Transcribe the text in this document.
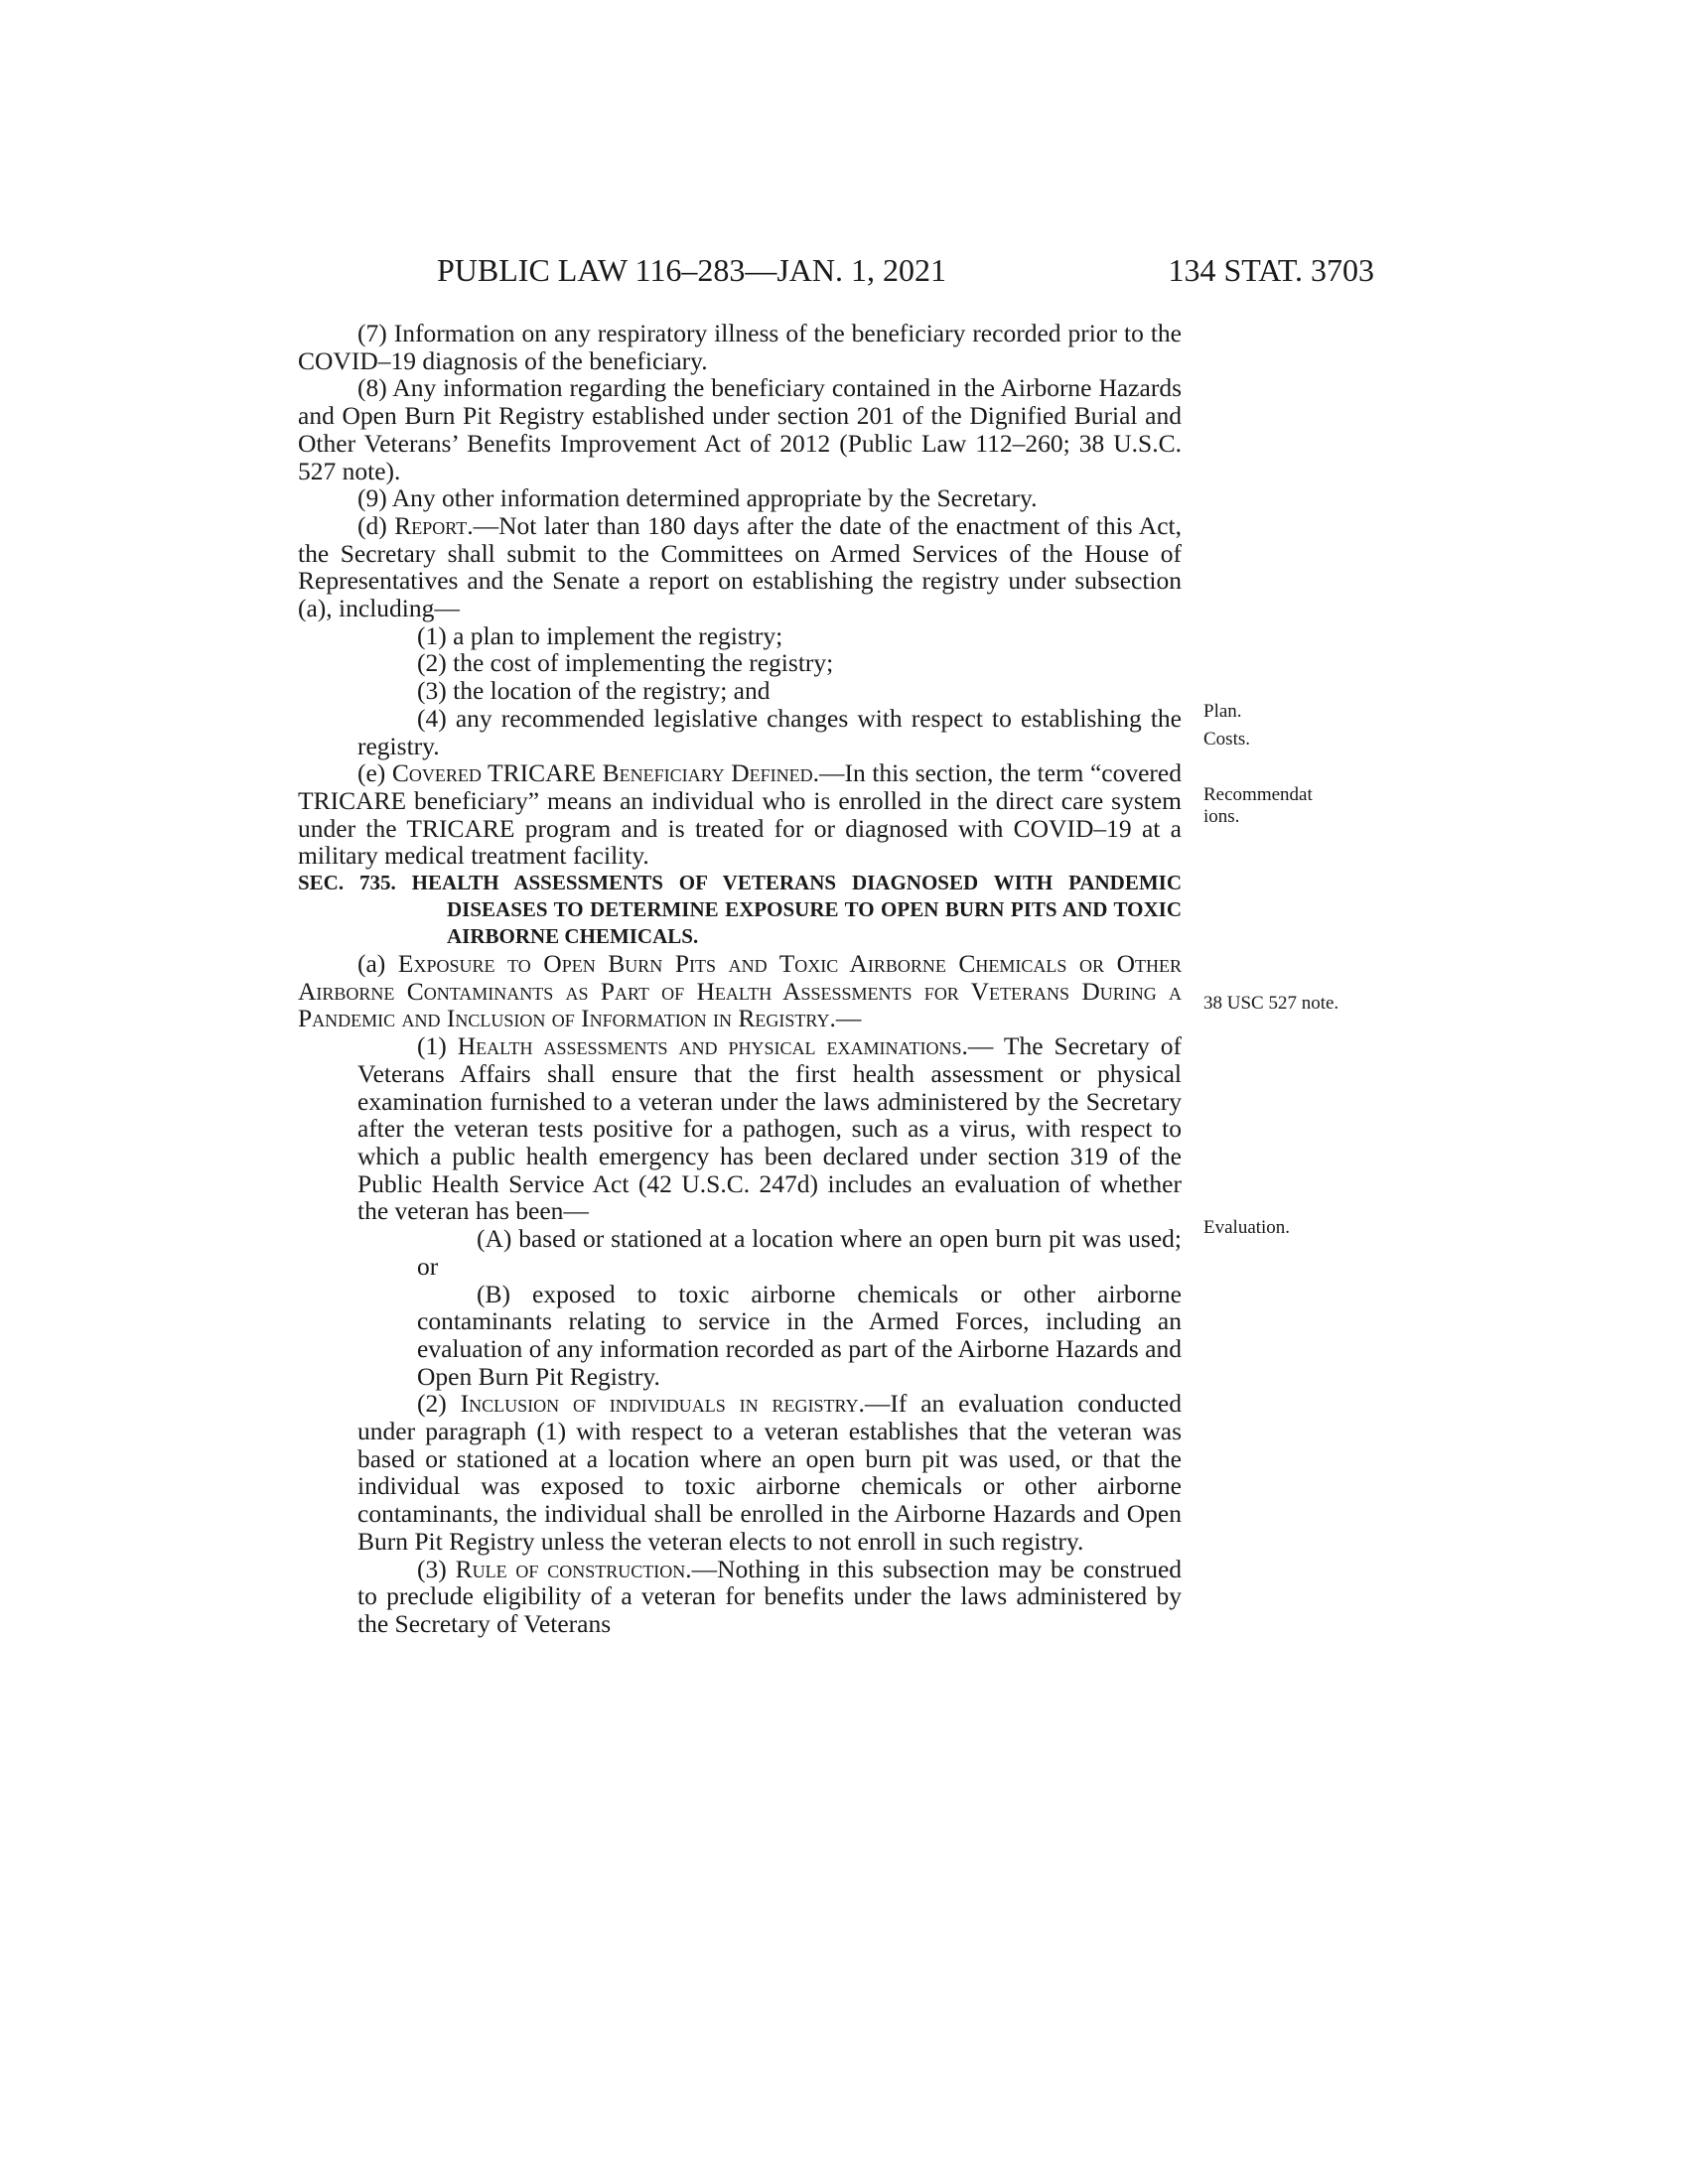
PUBLIC LAW 116–283—JAN. 1, 2021	134 STAT. 3703

(7) Information on any respiratory illness of the beneficiary recorded prior to the COVID–19 diagnosis of the beneficiary.

(8) Any information regarding the beneficiary contained in the Airborne Hazards and Open Burn Pit Registry established under section 201 of the Dignified Burial and Other Veterans’ Benefits Improvement Act of 2012 (Public Law 112–260; 38 U.S.C. 527 note).

(9) Any other information determined appropriate by the Secretary.

(d) Report.—Not later than 180 days after the date of the enactment of this Act, the Secretary shall submit to the Committees on Armed Services of the House of Representatives and the Senate a report on establishing the registry under subsection (a), including—

(1) a plan to implement the registry;

(2) the cost of implementing the registry;

(3) the location of the registry; and

(4) any recommended legislative changes with respect to establishing the registry.

(e) Covered TRICARE Beneficiary Defined.—In this section, the term “covered TRICARE beneficiary” means an individual who is enrolled in the direct care system under the TRICARE program and is treated for or diagnosed with COVID–19 at a military medical treatment facility.

SEC. 735. HEALTH ASSESSMENTS OF VETERANS DIAGNOSED WITH PANDEMIC DISEASES TO DETERMINE EXPOSURE TO OPEN BURN PITS AND TOXIC AIRBORNE CHEMICALS.

(a) Exposure to Open Burn Pits and Toxic Airborne Chemicals or Other Airborne Contaminants as Part of Health Assessments for Veterans During a Pandemic and Inclusion of Information in Registry.—

(1) Health assessments and physical examinations.— The Secretary of Veterans Affairs shall ensure that the first health assessment or physical examination furnished to a veteran under the laws administered by the Secretary after the veteran tests positive for a pathogen, such as a virus, with respect to which a public health emergency has been declared under section 319 of the Public Health Service Act (42 U.S.C. 247d) includes an evaluation of whether the veteran has been—

(A) based or stationed at a location where an open burn pit was used; or

(B) exposed to toxic airborne chemicals or other airborne contaminants relating to service in the Armed Forces, including an evaluation of any information recorded as part of the Airborne Hazards and Open Burn Pit Registry.

(2) Inclusion of individuals in registry.—If an evaluation conducted under paragraph (1) with respect to a veteran establishes that the veteran was based or stationed at a location where an open burn pit was used, or that the individual was exposed to toxic airborne chemicals or other airborne contaminants, the individual shall be enrolled in the Airborne Hazards and Open Burn Pit Registry unless the veteran elects to not enroll in such registry.

(3) Rule of construction.—Nothing in this subsection may be construed to preclude eligibility of a veteran for benefits under the laws administered by the Secretary of Veterans

Plan.
Costs.
Recommendations.
38 USC 527 note.
Evaluation.
